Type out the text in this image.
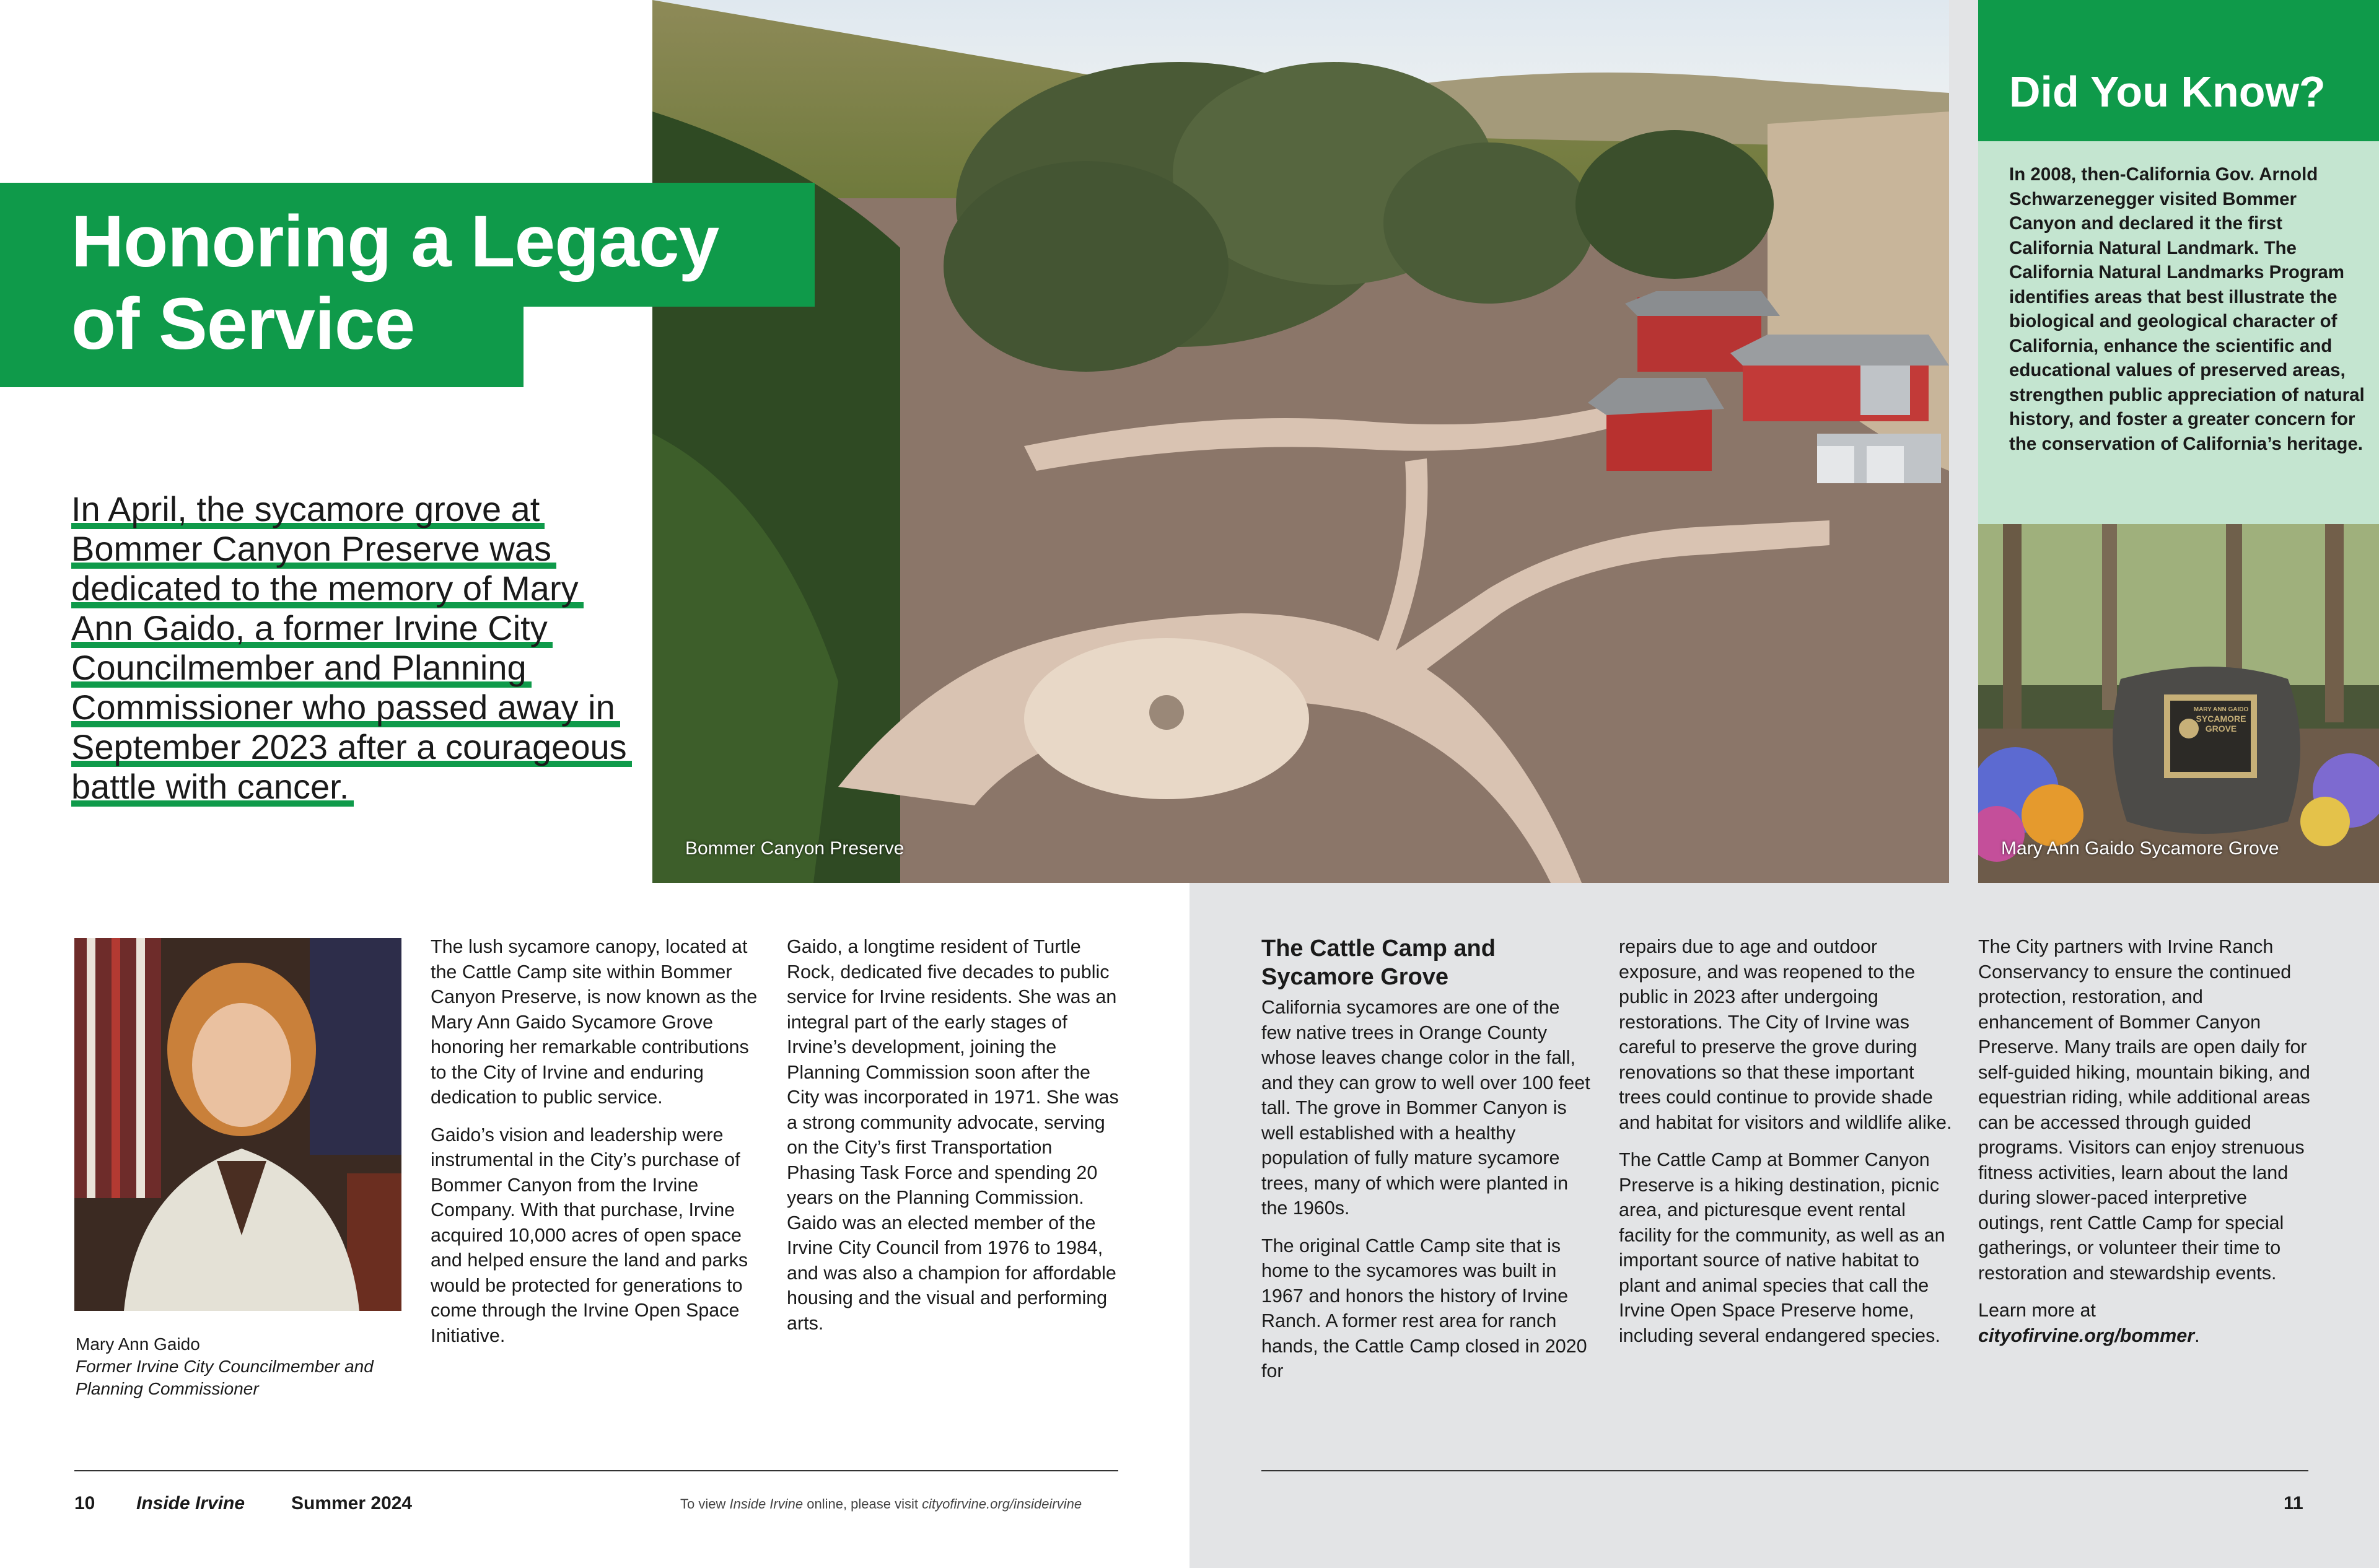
Bommer Canyon Preserve
MARY ANN GAIDO
SYCAMORE
GROVE
Mary Ann Gaido Sycamore Grove
Honoring a Legacy
of Service
In April, the sycamore grove at Bommer Canyon Preserve was dedicated to the memory of Mary Ann Gaido, a former Irvine City Councilmember and Planning Commissioner who passed away in September 2023 after a courageous battle with cancer.
Did You Know?
In 2008, then-California Gov. Arnold Schwarzenegger visited Bommer Canyon and declared it the first California Natural Landmark. The California Natural Landmarks Program identifies areas that best illustrate the biological and geological character of California, enhance the scientific and educational values of preserved areas, strengthen public appreciation of natural history, and foster a greater concern for the conservation of California’s heritage.
Mary Ann Gaido
Former Irvine City Councilmember and Planning Commissioner

The lush sycamore canopy, located at the Cattle Camp site within Bommer Canyon Preserve, is now known as the Mary Ann Gaido Sycamore Grove honoring her remarkable contributions to the City of Irvine and enduring dedication to public service.

Gaido’s vision and leadership were instrumental in the City’s purchase of Bommer Canyon from the Irvine Company. With that purchase, Irvine acquired 10,000 acres of open space and helped ensure the land and parks would be protected for generations to come through the Irvine Open Space Initiative.

Gaido, a longtime resident of Turtle Rock, dedicated five decades to public service for Irvine residents. She was an integral part of the early stages of Irvine’s development, joining the Planning Commission soon after the City was incorporated in 1971. She was a strong community advocate, serving on the City’s first Transportation Phasing Task Force and spending 20 years on the Planning Commission. Gaido was an elected member of the Irvine City Council from 1976 to 1984, and was also a champion for affordable housing and the visual and performing arts.

The Cattle Camp and Sycamore Grove

California sycamores are one of the few native trees in Orange County whose leaves change color in the fall, and they can grow to well over 100 feet tall. The grove in Bommer Canyon is well established with a healthy population of fully mature sycamore trees, many of which were planted in the 1960s.

The original Cattle Camp site that is home to the sycamores was built in 1967 and honors the history of Irvine Ranch. A former rest area for ranch hands, the Cattle Camp closed in 2020 for

repairs due to age and outdoor exposure, and was reopened to the public in 2023 after undergoing restorations. The City of Irvine was careful to preserve the grove during renovations so that these important trees could continue to provide shade and habitat for visitors and wildlife alike.

The Cattle Camp at Bommer Canyon Preserve is a hiking destination, picnic area, and picturesque event rental facility for the community, as well as an important source of native habitat to plant and animal species that call the Irvine Open Space Preserve home, including several endangered species.

The City partners with Irvine Ranch Conservancy to ensure the continued protection, restoration, and enhancement of Bommer Canyon Preserve. Many trails are open daily for self-guided hiking, mountain biking, and equestrian riding, while additional areas can be accessed through guided programs. Visitors can enjoy strenuous fitness activities, learn about the land during slower-paced interpretive outings, rent Cattle Camp for special gatherings, or volunteer their time to restoration and stewardship events.

Learn more at cityofirvine.org/bommer.

10 Inside Irvine Summer 2024	To view Inside Irvine online, please visit cityofirvine.org/insideirvine	11
